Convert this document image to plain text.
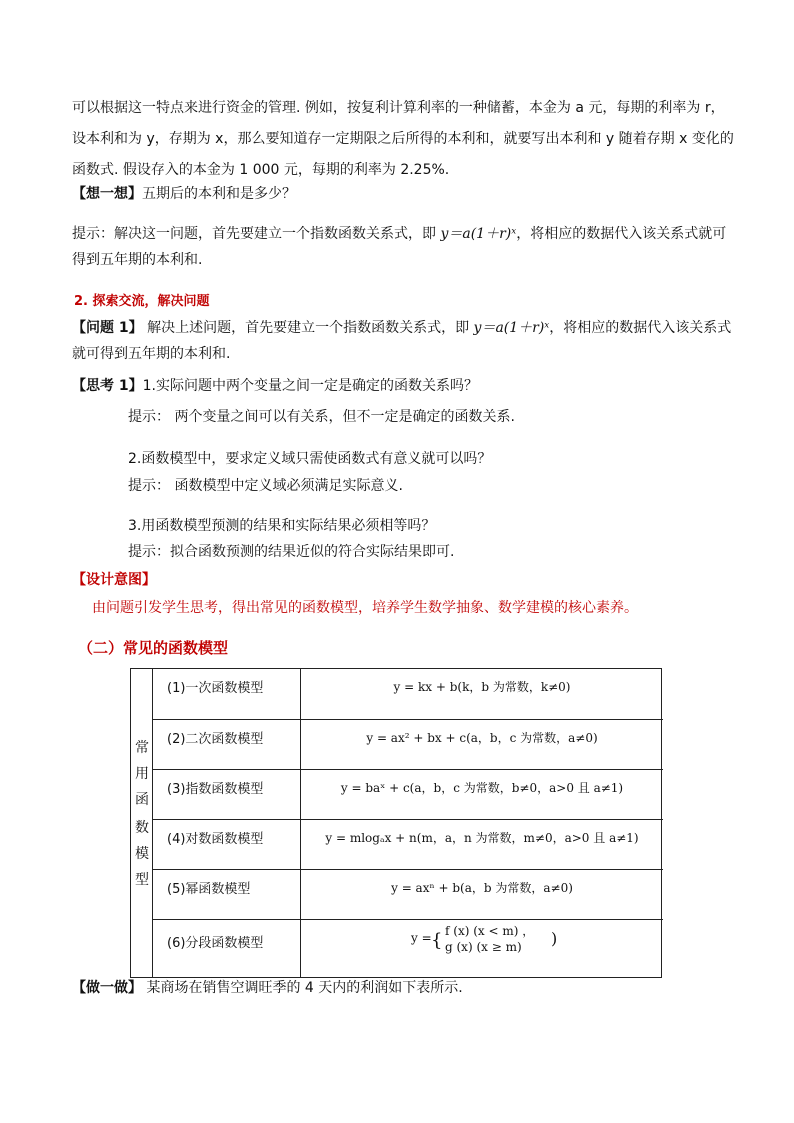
可以根据这一特点来进行资金的管理. 例如，按复利计算利率的一种储蓄，本金为 a 元，每期的利率为 r，
设本利和为 y，存期为 x，那么要知道存一定期限之后所得的本利和，就要写出本利和 y 随着存期 x 变化的
函数式. 假设存入的本金为 1 000 元，每期的利率为 2.25%.
【想一想】五期后的本利和是多少？
提示：解决这一问题，首先要建立一个指数函数关系式，即 y＝a(1＋r)ˣ，将相应的数据代入该关系式就可
得到五年期的本利和.
2. 探索交流，解决问题
【问题 1】 解决上述问题，首先要建立一个指数函数关系式，即 y＝a(1＋r)ˣ，将相应的数据代入该关系式
就可得到五年期的本利和.
【思考 1】1.实际问题中两个变量之间一定是确定的函数关系吗？
提示： 两个变量之间可以有关系，但不一定是确定的函数关系.
2.函数模型中，要求定义域只需使函数式有意义就可以吗？
提示： 函数模型中定义域必须满足实际意义.
3.用函数模型预测的结果和实际结果必须相等吗？
提示：拟合函数预测的结果近似的符合实际结果即可.
【设计意图】
由问题引发学生思考，得出常见的函数模型，培养学生数学抽象、数学建模的核心素养。
（二）常见的函数模型
常
用
函
数
模
型
(1)一次函数模型	y = kx + b(k，b 为常数，k≠0)
(2)二次函数模型	y = ax² + bx + c(a，b，c 为常数，a≠0)
(3)指数函数模型	y = baˣ + c(a，b，c 为常数，b≠0，a>0 且 a≠1)
(4)对数函数模型	y = mlogₐx + n(m，a，n 为常数，m≠0，a>0 且 a≠1)
(5)幂函数模型	y = axⁿ + b(a，b 为常数，a≠0)
(6)分段函数模型	y = { f (x) (x < m) ，
g (x) (x ≥ m) )
【做一做】 某商场在销售空调旺季的 4 天内的利润如下表所示.
